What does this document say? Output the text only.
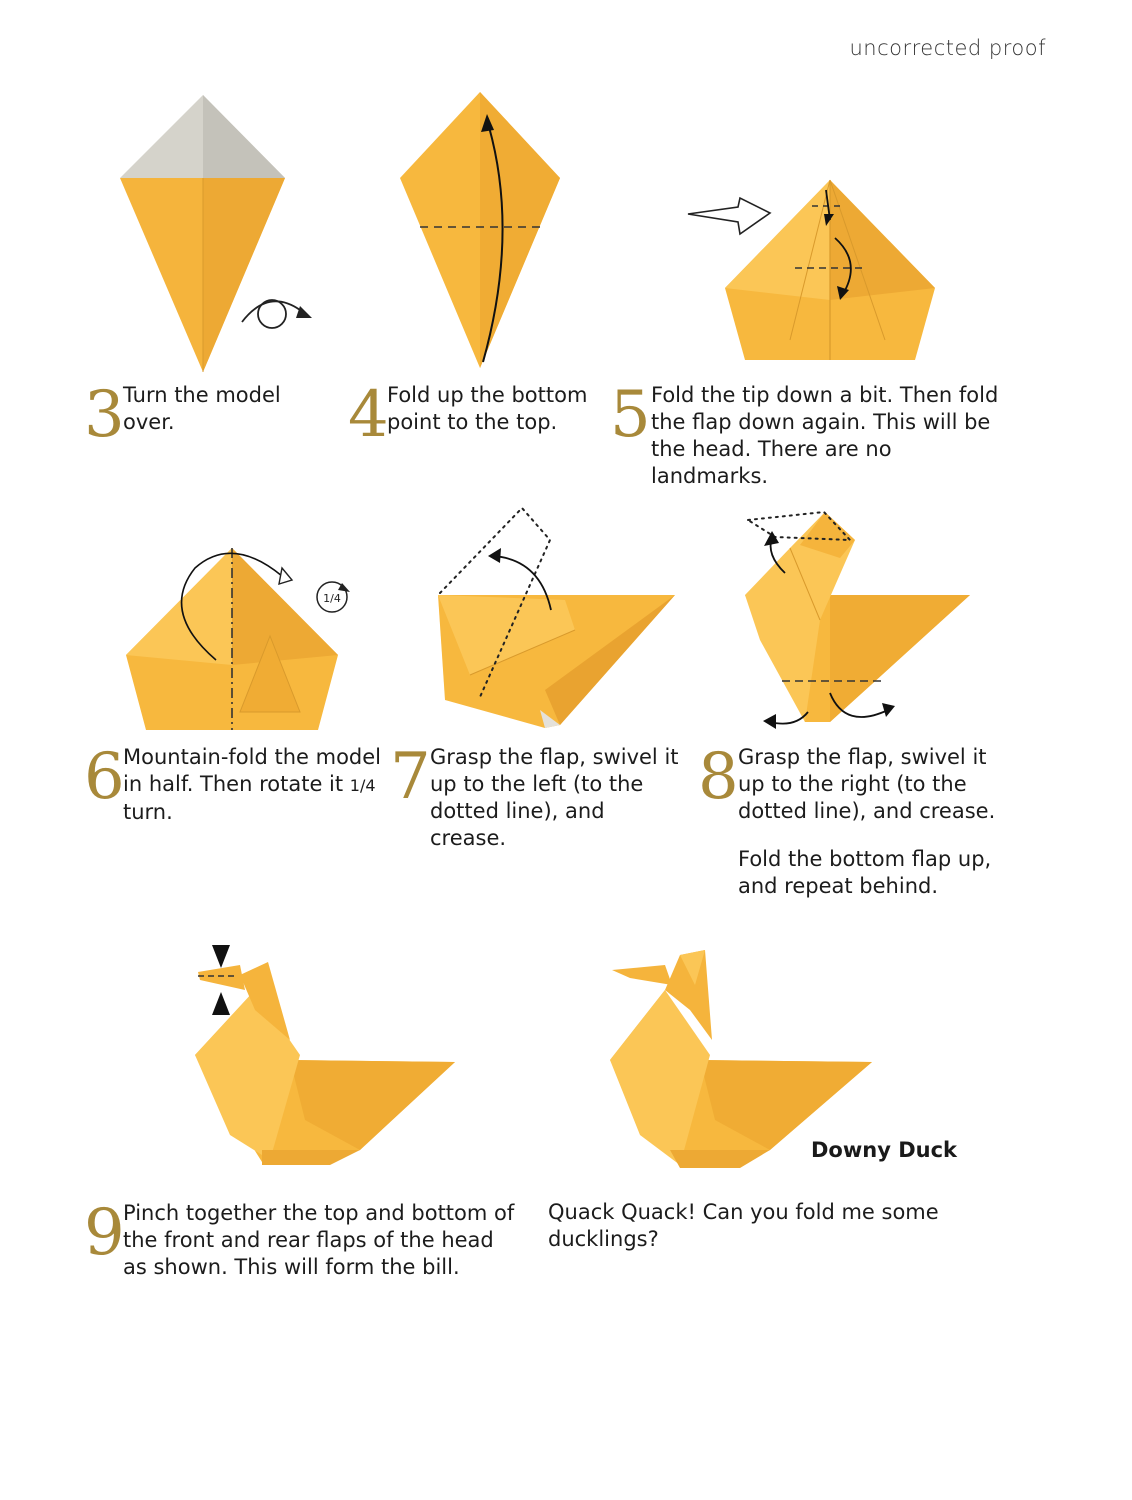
uncorrected proof
3
Turn the model over.	4
Fold up the bottom point to the top. 5 Fold the tip down a bit. Then fold the flap down again. This will be the head. There are no landmarks.
1/4
6
Mountain-fold the model in half. Then rotate it 1/4 turn.	7 Grasp the flap, swivel it up to the left (to the dotted line), and crease.
8 Grasp the flap, swivel it up to the right (to the dotted line), and crease.
Fold the bottom flap up, and repeat behind.
Downy Duck
9
Pinch together the top and bottom of the front and rear flaps of the head as shown. This will form the bill.
Quack Quack! Can you fold me some ducklings?
